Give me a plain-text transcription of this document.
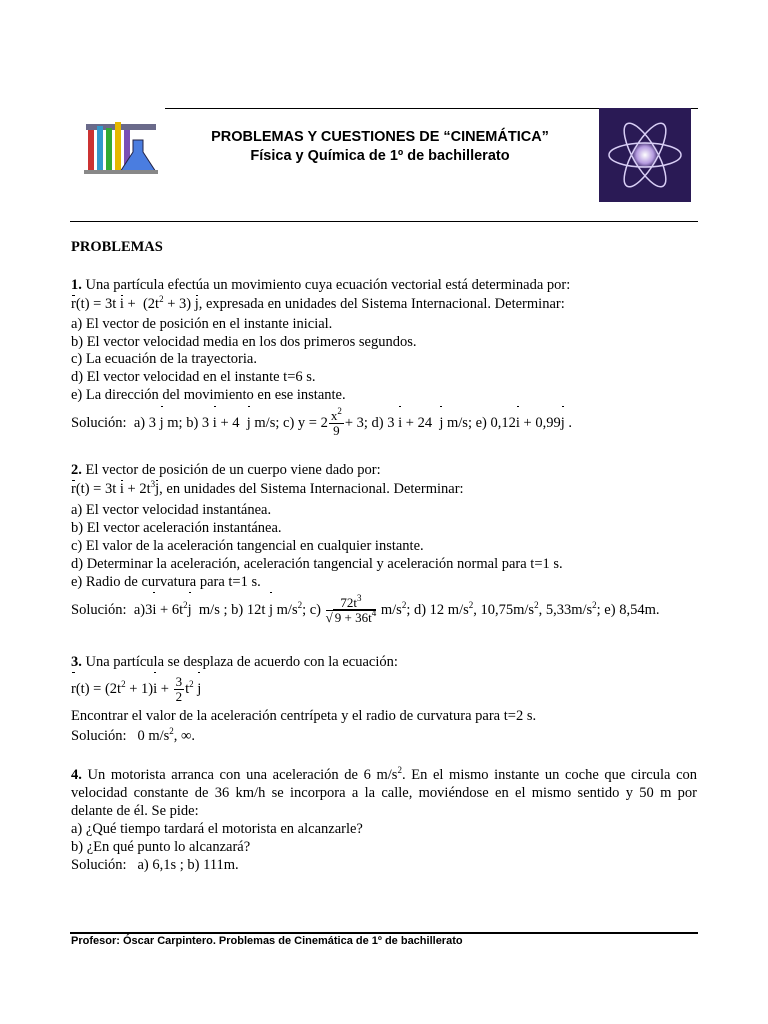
PROBLEMAS Y CUESTIONES DE “CINEMÁTICA”
Física y Química de 1º de bachillerato
PROBLEMAS
1. Una partícula efectúa un movimiento cuya ecuación vectorial está determinada por:
r(t) = 3t $i + (2t^2 + 3)$ j, expresada en unidades del Sistema Internacional. Determinar:
a) El vector de posición en el instante inicial.
b) El vector velocidad media en los dos primeros segundos.
c) La ecuación de la trayectoria.
d) El vector velocidad en el instante t=6 s.
e) La dirección del movimiento en ese instante.
Solución:  a) 3 j m; b) 3 i + 4  j m/s; c) $y = 2 \frac{x^2}{9} + 3$; d) 3 i + 24  j m/s; e) 0,12i + 0,99j .
2. El vector de posición de un cuerpo viene dado por:
r(t) = 3t $i + 2t^3j$, en unidades del Sistema Internacional. Determinar:
a) El vector velocidad instantánea.
b) El vector aceleración instantánea.
c) El valor de la aceleración tangencial en cualquier instante.
d) Determinar la aceleración, aceleración tangencial y aceleración normal para t=1 s.
e) Radio de curvatura para t=1 s.
Solución:  $a)3i + 6t^2j$  m/s ; b) 12t j $m/s^2$; $c) \frac{72t^3}{√ 9 + 36t^4} m/s^2$; d) 12 $m/s^2$, $10,75m/s^2$, $5,33m/s^2$; e) 8,54m.
3. Una partícula se desplaza de acuerdo con la ecuación:
$r(t) = (2t^2 + 1)i + \frac{3}{2} t^2$ j
Encontrar el valor de la aceleración centrípeta y el radio de curvatura para t=2 s.
Solución:   0 $m/s^2$, ∞.
4. Un motorista arranca con una aceleración de 6 $m/s^2$. En el mismo instante un coche que circula con
velocidad constante de 36 km/h se incorpora a la calle, moviéndose en el mismo sentido y 50 m por
delante de él. Se pide:
a) ¿Qué tiempo tardará el motorista en alcanzarle?
b) ¿En qué punto lo alcanzará?
Solución:   a) 6,1s ; b) 111m.
Profesor: Óscar Carpintero. Problemas de Cinemática de 1º de bachillerato
